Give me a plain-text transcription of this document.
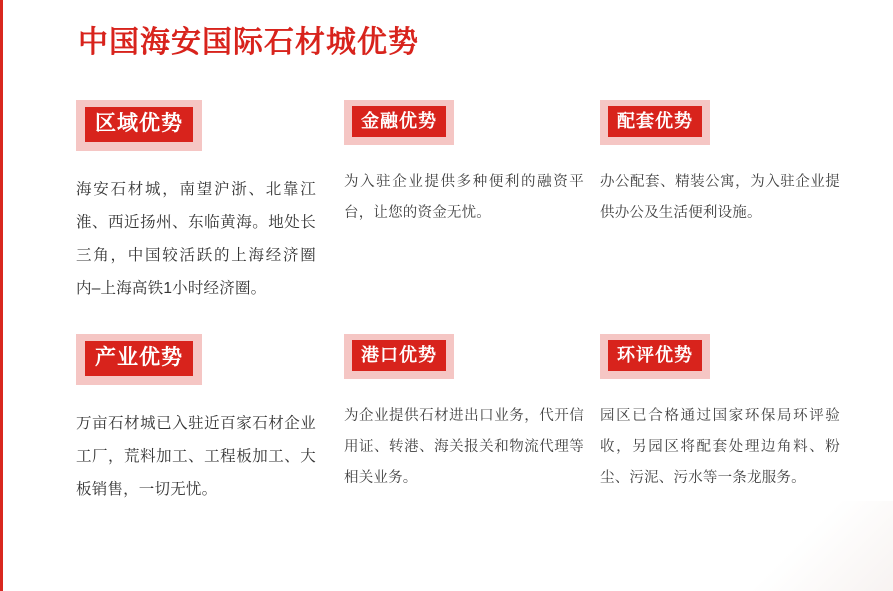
中国海安国际石材城优势
区域优势

海安石材城，南望沪浙、北靠江淮、西近扬州、东临黄海。地处长三角，中国较活跃的上海经济圈内–上海高铁1小时经济圈。

金融优势

为入驻企业提供多种便利的融资平台，让您的资金无忧。

配套优势

办公配套、精装公寓，为入驻企业提供办公及生活便利设施。

产业优势

万亩石材城已入驻近百家石材企业工厂，荒料加工、工程板加工、大板销售，一切无忧。

港口优势

为企业提供石材进出口业务，代开信用证、转港、海关报关和物流代理等相关业务。

环评优势

园区已合格通过国家环保局环评验收，另园区将配套处理边角料、粉尘、污泥、污水等一条龙服务。
